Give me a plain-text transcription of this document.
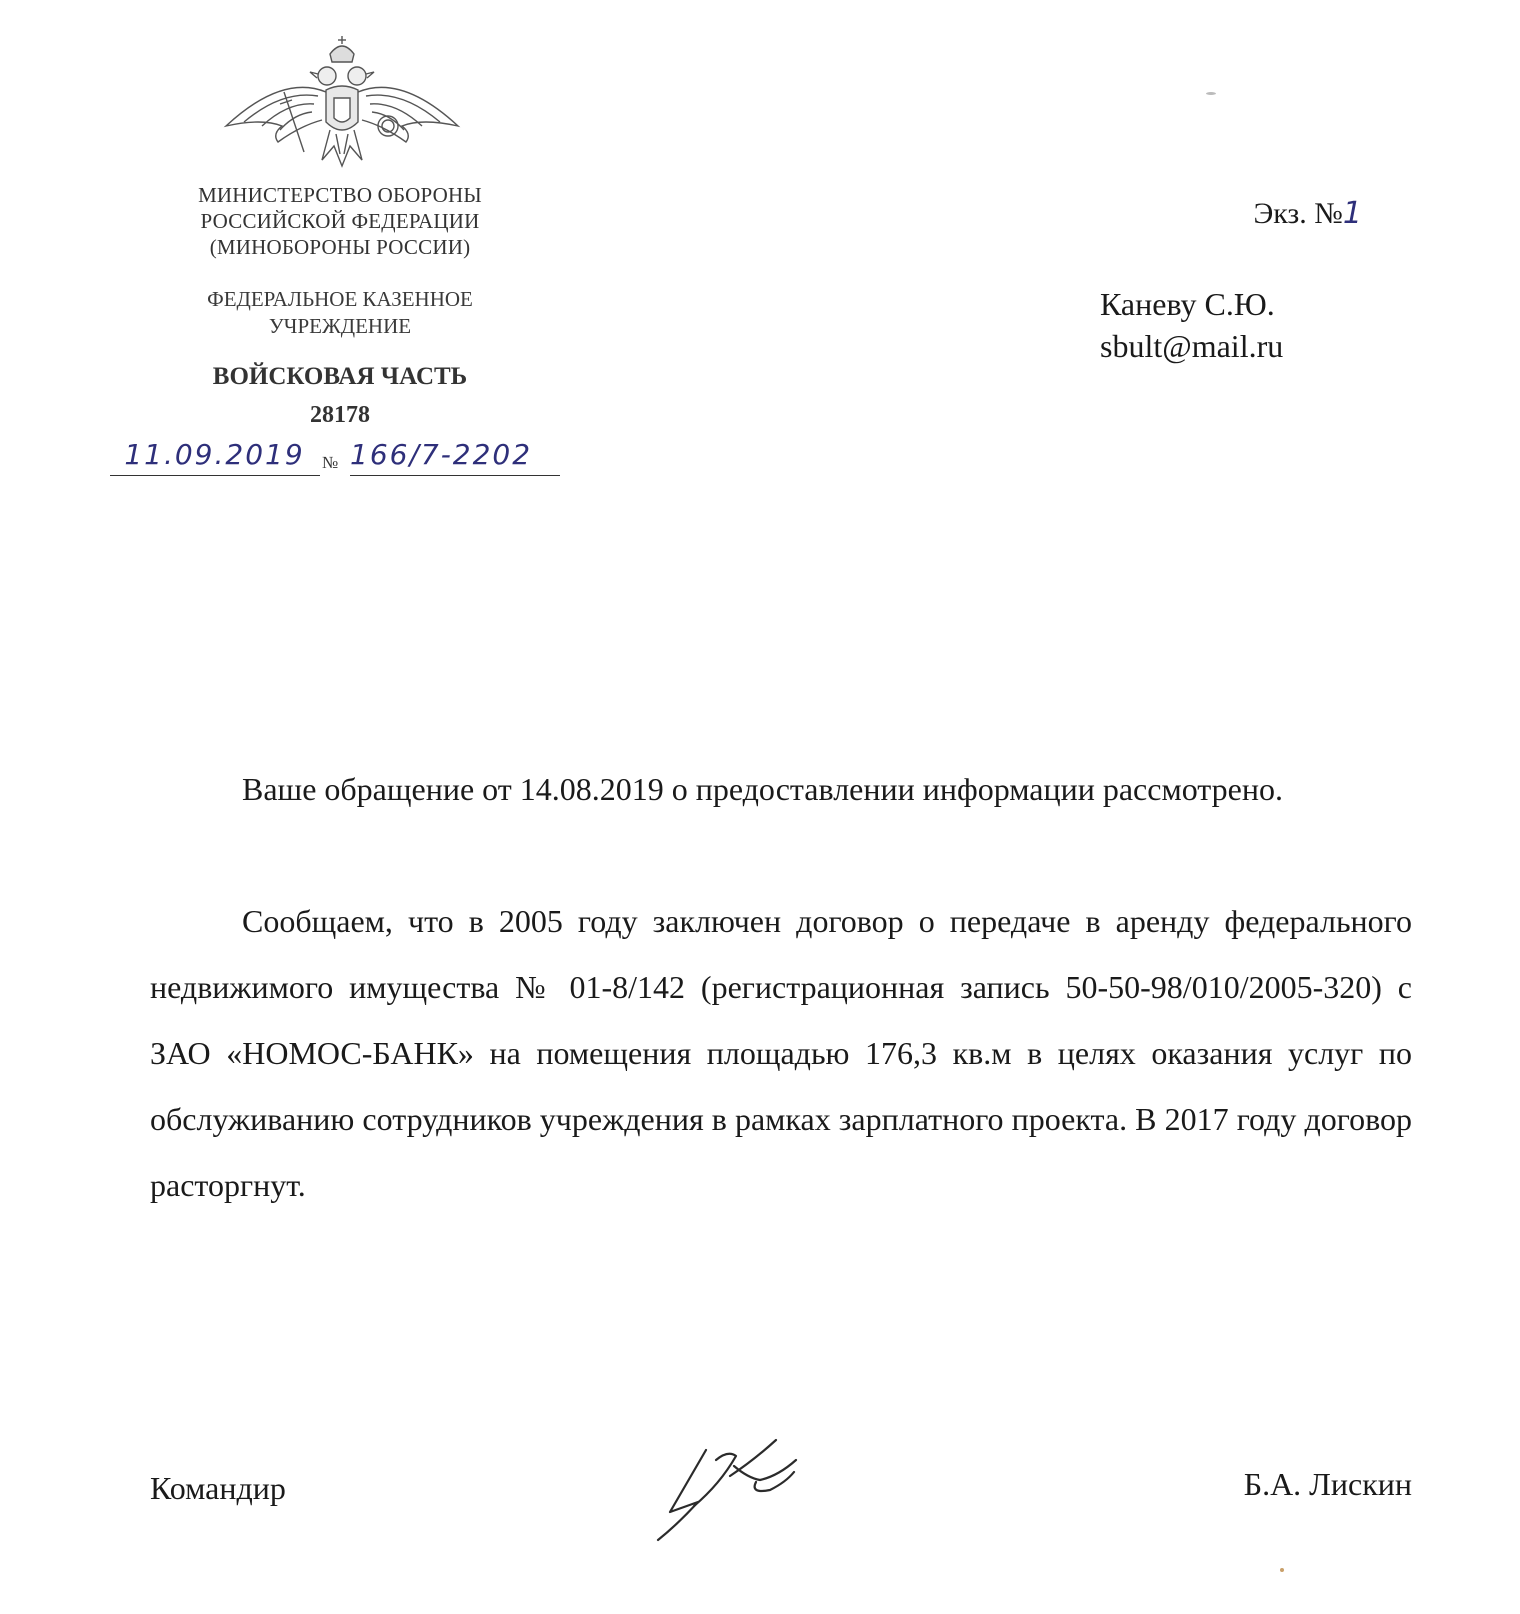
МИНИСТЕРСТВО ОБОРОНЫ
РОССИЙСКОЙ ФЕДЕРАЦИИ
(МИНОБОРОНЫ РОССИИ)
ФЕДЕРАЛЬНОЕ КАЗЕННОЕ
УЧРЕЖДЕНИЕ
ВОЙСКОВАЯ ЧАСТЬ
28178
11.09.2019	№ 166/7-2202
Экз. №1
Каневу С.Ю.
sbult@mail.ru
Ваше обращение от 14.08.2019 о предоставлении информации рассмотрено.
Сообщаем, что в 2005 году заключен договор о передаче в аренду федерального недвижимого имущества № 01-8/142 (регистрационная запись 50-50-98/010/2005-320) с ЗАО «НОМОС-БАНК» на помещения площадью 176,3 кв.м в целях оказания услуг по обслуживанию сотрудников учреждения в рамках зарплатного проекта. В 2017 году договор расторгнут.
Командир	Б.А. Лискин
